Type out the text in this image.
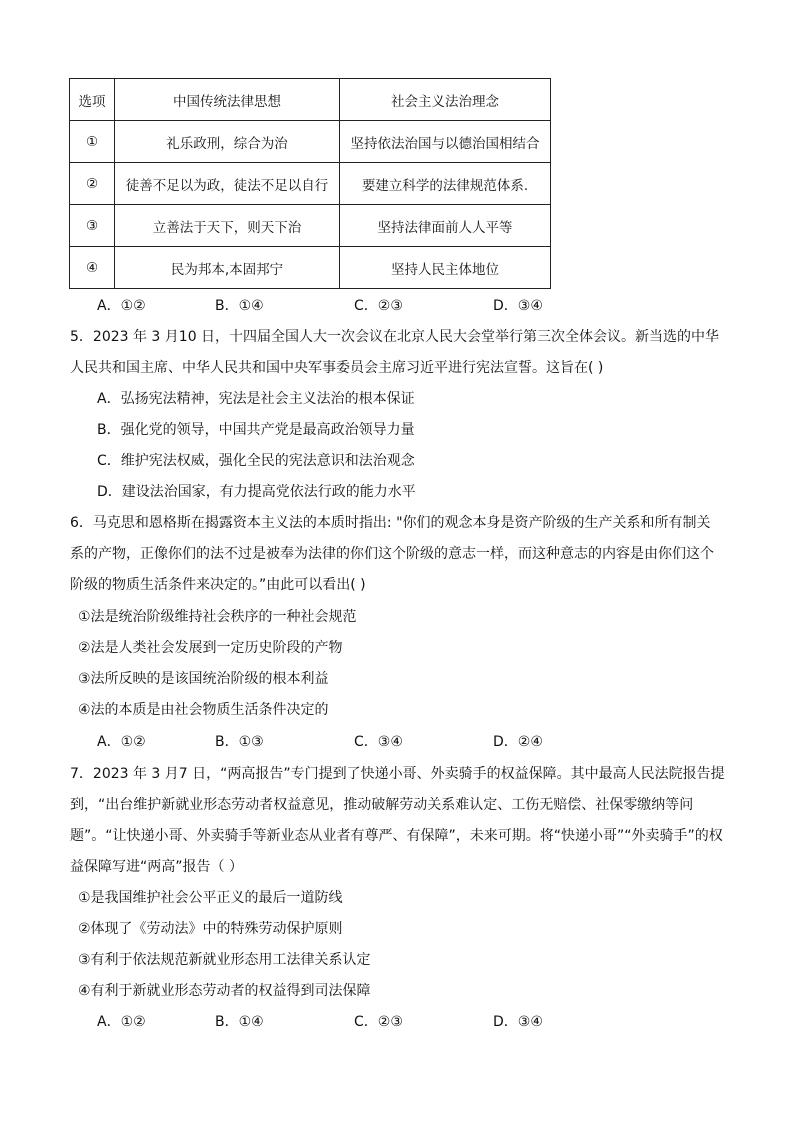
选项	中国传统法律思想	社会主义法治理念
①	礼乐政刑，综合为治	坚持依法治国与以德治国相结合
②	徒善不足以为政，徒法不足以自行	要建立科学的法律规范体系.
③	立善法于天下，则天下治	坚持法律面前人人平等
④	民为邦本,本固邦宁	坚持人民主体地位
A．①②	B．①④	C．②③	D．③④
5．2023 年 3 月10 日，十四届全国人大一次会议在北京人民大会堂举行第三次全体会议。新当选的中华
人民共和国主席、中华人民共和国中央军事委员会主席习近平进行宪法宣誓。这旨在( )
A．弘扬宪法精神，宪法是社会主义法治的根本保证
B．强化党的领导，中国共产党是最高政治领导力量
C．维护宪法权威，强化全民的宪法意识和法治观念
D．建设法治国家，有力提高党依法行政的能力水平
6．马克思和恩格斯在揭露资本主义法的本质时指出: "你们的观念本身是资产阶级的生产关系和所有制关
系的产物，正像你们的法不过是被奉为法律的你们这个阶级的意志一样，而这种意志的内容是由你们这个
阶级的物质生活条件来决定的。”由此可以看出( )
①法是统治阶级维持社会秩序的一种社会规范
②法是人类社会发展到一定历史阶段的产物
③法所反映的是该国统治阶级的根本利益
④法的本质是由社会物质生活条件决定的
A．①②	B．①③	C．③④	D．②④
7．2023 年 3 月7 日，“两高报告”专门提到了快递小哥、外卖骑手的权益保障。其中最高人民法院报告提
到，“出台维护新就业形态劳动者权益意见，推动破解劳动关系难认定、工伤无赔偿、社保零缴纳等问
题”。“让快递小哥、外卖骑手等新业态从业者有尊严、有保障”，未来可期。将“快递小哥”“外卖骑手”的权
益保障写进“两高”报告（ ）
①是我国维护社会公平正义的最后一道防线
②体现了《劳动法》中的特殊劳动保护原则
③有利于依法规范新就业形态用工法律关系认定
④有利于新就业形态劳动者的权益得到司法保障
A．①②	B．①④	C．②③	D．③④
